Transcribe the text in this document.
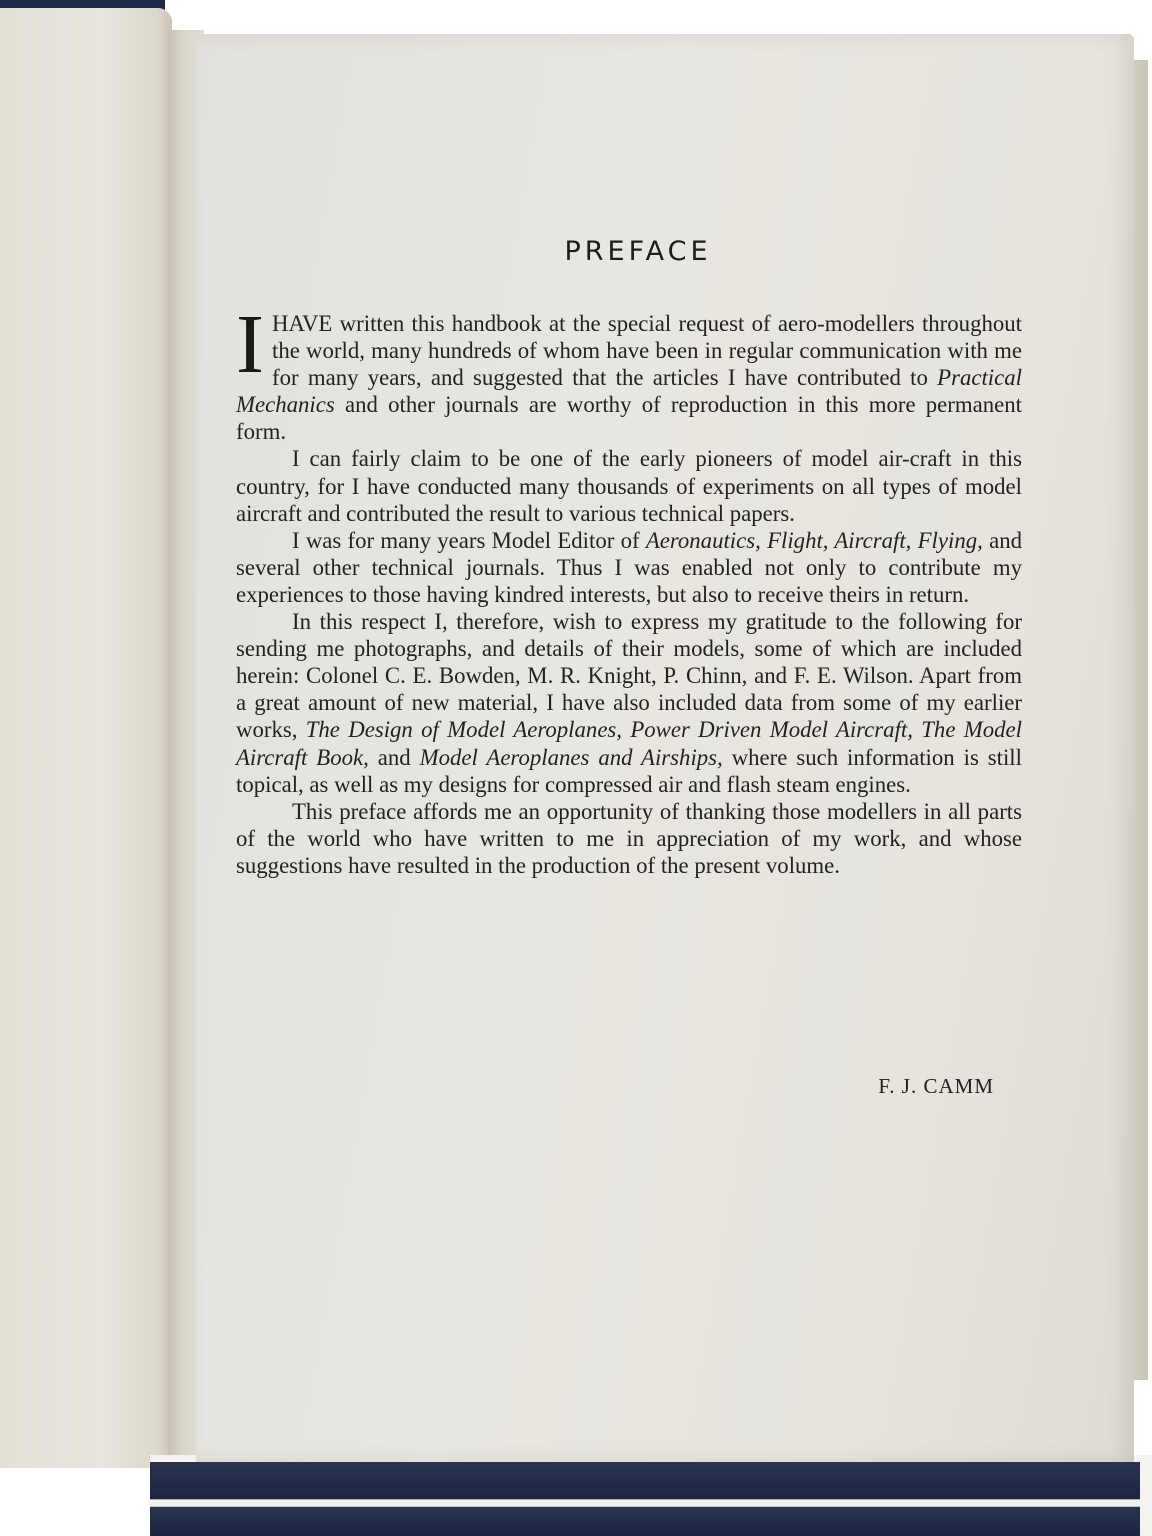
PREFACE

IHAVE written this handbook at the special request of aero-modellers throughout the world, many hundreds of whom have been in regular communication with me for many years, and suggested that the articles I have contributed to Practical Mechanics and other journals are worthy of reproduction in this more permanent form.

I can fairly claim to be one of the early pioneers of model air-craft in this country, for I have conducted many thousands of experiments on all types of model aircraft and contributed the result to various technical papers.

I was for many years Model Editor of Aeronautics, Flight, Aircraft, Flying, and several other technical journals. Thus I was enabled not only to contribute my experiences to those having kindred interests, but also to receive theirs in return.

In this respect I, therefore, wish to express my gratitude to the following for sending me photographs, and details of their models, some of which are included herein: Colonel C. E. Bowden, M. R. Knight, P. Chinn, and F. E. Wilson. Apart from a great amount of new material, I have also included data from some of my earlier works, The Design of Model Aeroplanes, Power Driven Model Aircraft, The Model Aircraft Book, and Model Aeroplanes and Airships, where such information is still topical, as well as my designs for compressed air and flash steam engines.

This preface affords me an opportunity of thanking those modellers in all parts of the world who have written to me in appreciation of my work, and whose suggestions have resulted in the production of the present volume.

F. J. CAMM
